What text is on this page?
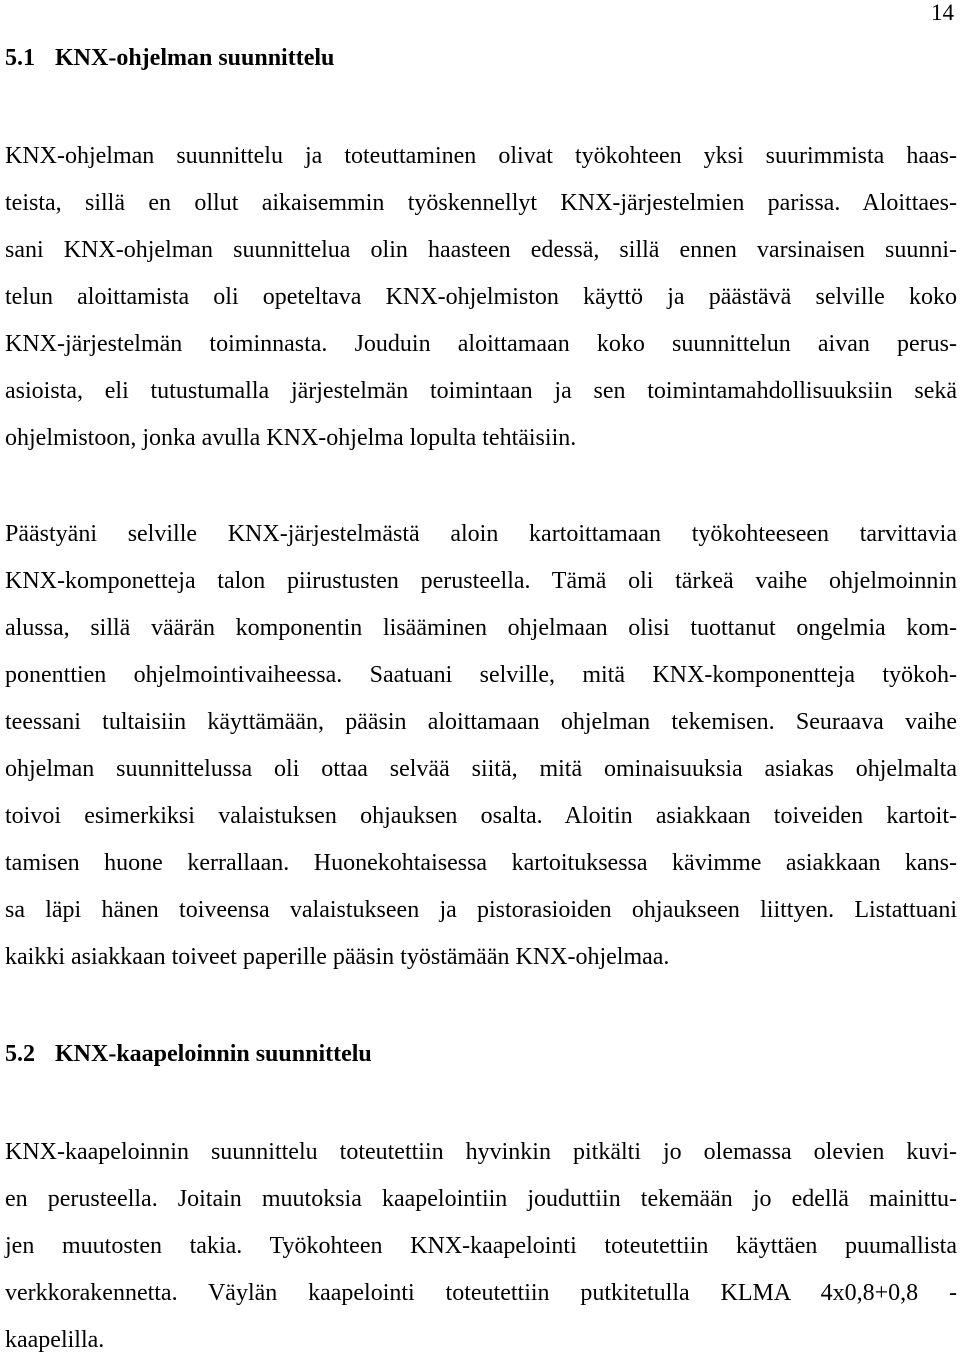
14
5.1 KNX-ohjelman suunnittelu
KNX-ohjelman suunnittelu ja toteuttaminen olivat työkohteen yksi suurimmista haas-
teista, sillä en ollut aikaisemmin työskennellyt KNX-järjestelmien parissa. Aloittaes-
sani KNX-ohjelman suunnittelua olin haasteen edessä, sillä ennen varsinaisen suunni-
telun aloittamista oli opeteltava KNX-ohjelmiston käyttö ja päästävä selville koko
KNX-järjestelmän toiminnasta. Jouduin aloittamaan koko suunnittelun aivan perus-
asioista, eli tutustumalla järjestelmän toimintaan ja sen toimintamahdollisuuksiin sekä
ohjelmistoon, jonka avulla KNX-ohjelma lopulta tehtäisiin.
Päästyäni selville KNX-järjestelmästä aloin kartoittamaan työkohteeseen tarvittavia
KNX-komponetteja talon piirustusten perusteella. Tämä oli tärkeä vaihe ohjelmoinnin
alussa, sillä väärän komponentin lisääminen ohjelmaan olisi tuottanut ongelmia kom-
ponenttien ohjelmointivaiheessa. Saatuani selville, mitä KNX-komponentteja työkoh-
teessani tultaisiin käyttämään, pääsin aloittamaan ohjelman tekemisen. Seuraava vaihe
ohjelman suunnittelussa oli ottaa selvää siitä, mitä ominaisuuksia asiakas ohjelmalta
toivoi esimerkiksi valaistuksen ohjauksen osalta. Aloitin asiakkaan toiveiden kartoit-
tamisen huone kerrallaan. Huonekohtaisessa kartoituksessa kävimme asiakkaan kans-
sa läpi hänen toiveensa valaistukseen ja pistorasioiden ohjaukseen liittyen. Listattuani
kaikki asiakkaan toiveet paperille pääsin työstämään KNX-ohjelmaa.
5.2 KNX-kaapeloinnin suunnittelu
KNX-kaapeloinnin suunnittelu toteutettiin hyvinkin pitkälti jo olemassa olevien kuvi-
en perusteella. Joitain muutoksia kaapelointiin jouduttiin tekemään jo edellä mainittu-
jen muutosten takia. Työkohteen KNX-kaapelointi toteutettiin käyttäen puumallista
verkkorakennetta. Väylän kaapelointi toteutettiin putkitetulla KLMA 4x0,8+0,8 -
kaapelilla.
